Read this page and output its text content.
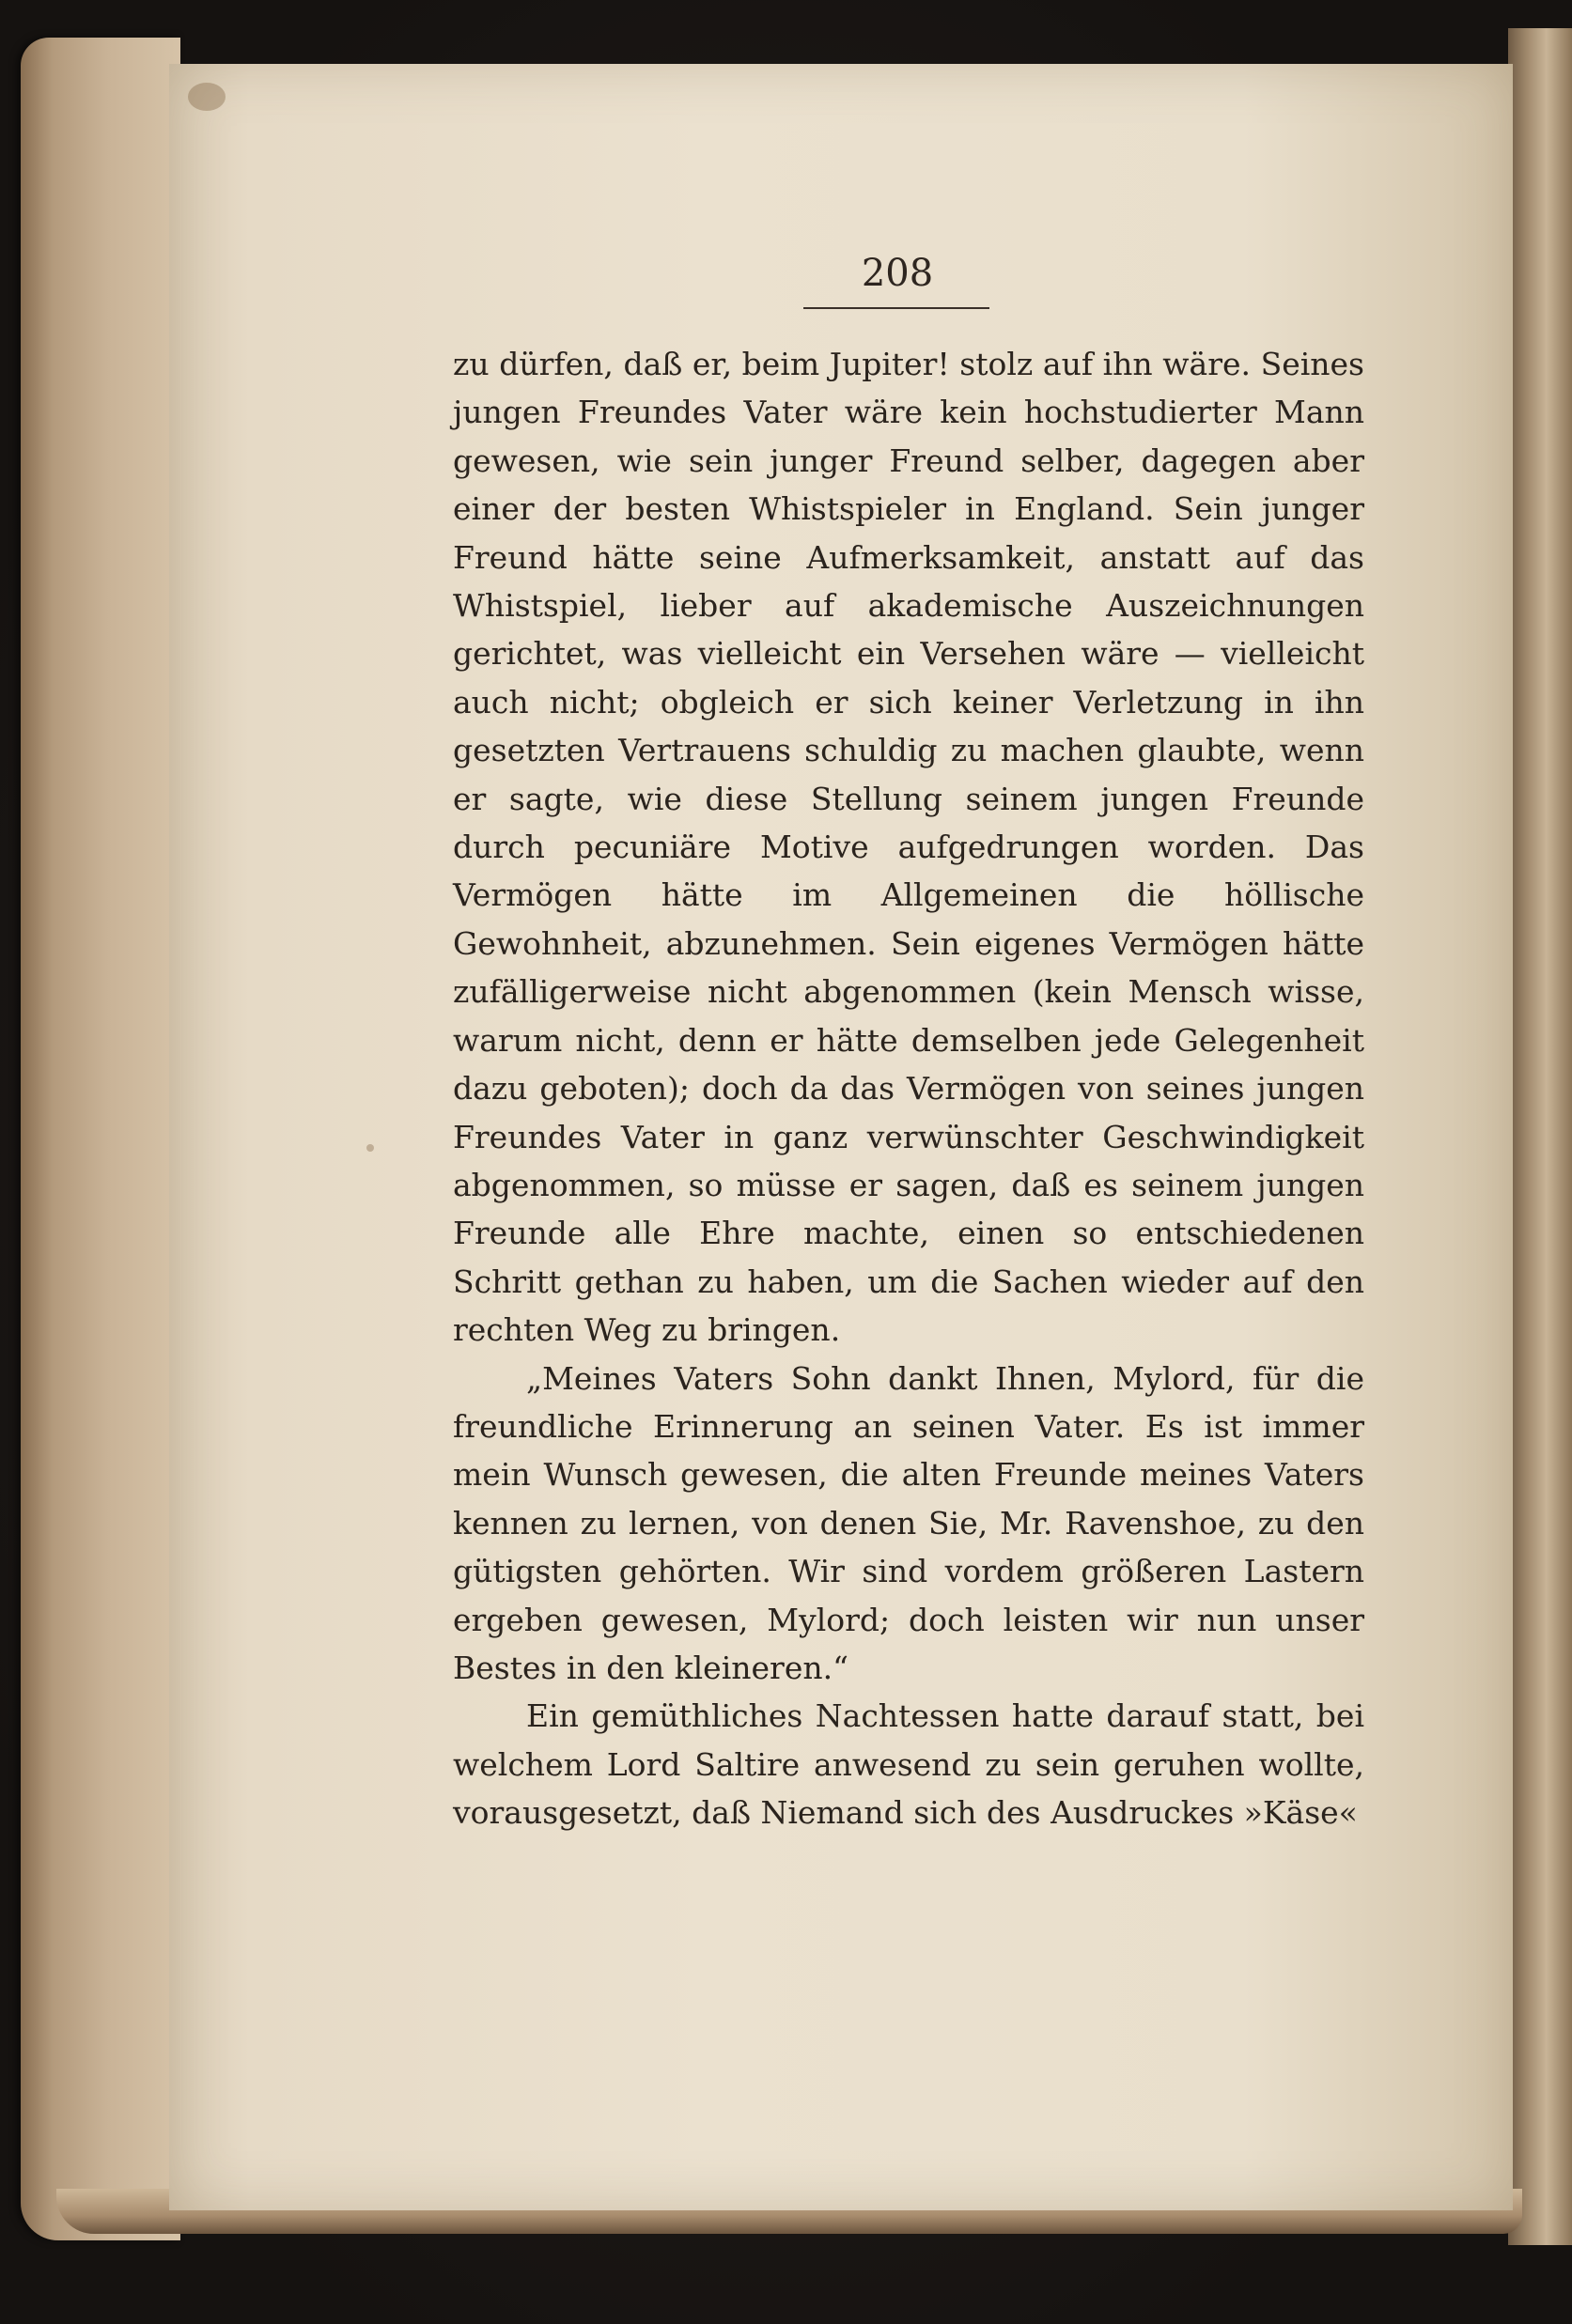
208

zu dürfen, daß er, beim Jupiter! stolz auf ihn wäre. Seines jungen Freundes Vater wäre kein hochstudierter Mann gewesen, wie sein junger Freund selber, dagegen aber einer der besten Whistspieler in England. Sein junger Freund hätte seine Aufmerksamkeit, anstatt auf das Whistspiel, lieber auf akademische Auszeichnungen gerichtet, was vielleicht ein Versehen wäre — vielleicht auch nicht; obgleich er sich keiner Verletzung in ihn gesetzten Vertrauens schuldig zu machen glaubte, wenn er sagte, wie diese Stellung seinem jungen Freunde durch pecuniäre Motive aufgedrungen worden. Das Vermögen hätte im Allgemeinen die höllische Gewohnheit, abzunehmen. Sein eigenes Vermögen hätte zufälligerweise nicht abgenommen (kein Mensch wisse, warum nicht, denn er hätte demselben jede Gelegenheit dazu geboten); doch da das Vermögen von seines jungen Freundes Vater in ganz verwünschter Geschwindigkeit abgenommen, so müsse er sagen, daß es seinem jungen Freunde alle Ehre machte, einen so entschiedenen Schritt gethan zu haben, um die Sachen wieder auf den rechten Weg zu bringen.

„Meines Vaters Sohn dankt Ihnen, Mylord, für die freundliche Erinnerung an seinen Vater. Es ist immer mein Wunsch gewesen, die alten Freunde meines Vaters kennen zu lernen, von denen Sie, Mr. Ravenshoe, zu den gütigsten gehörten. Wir sind vordem größeren Lastern ergeben gewesen, Mylord; doch leisten wir nun unser Bestes in den kleineren.“

Ein gemüthliches Nachtessen hatte darauf statt, bei welchem Lord Saltire anwesend zu sein geruhen wollte, vorausgesetzt, daß Niemand sich des Ausdruckes »Käse«
